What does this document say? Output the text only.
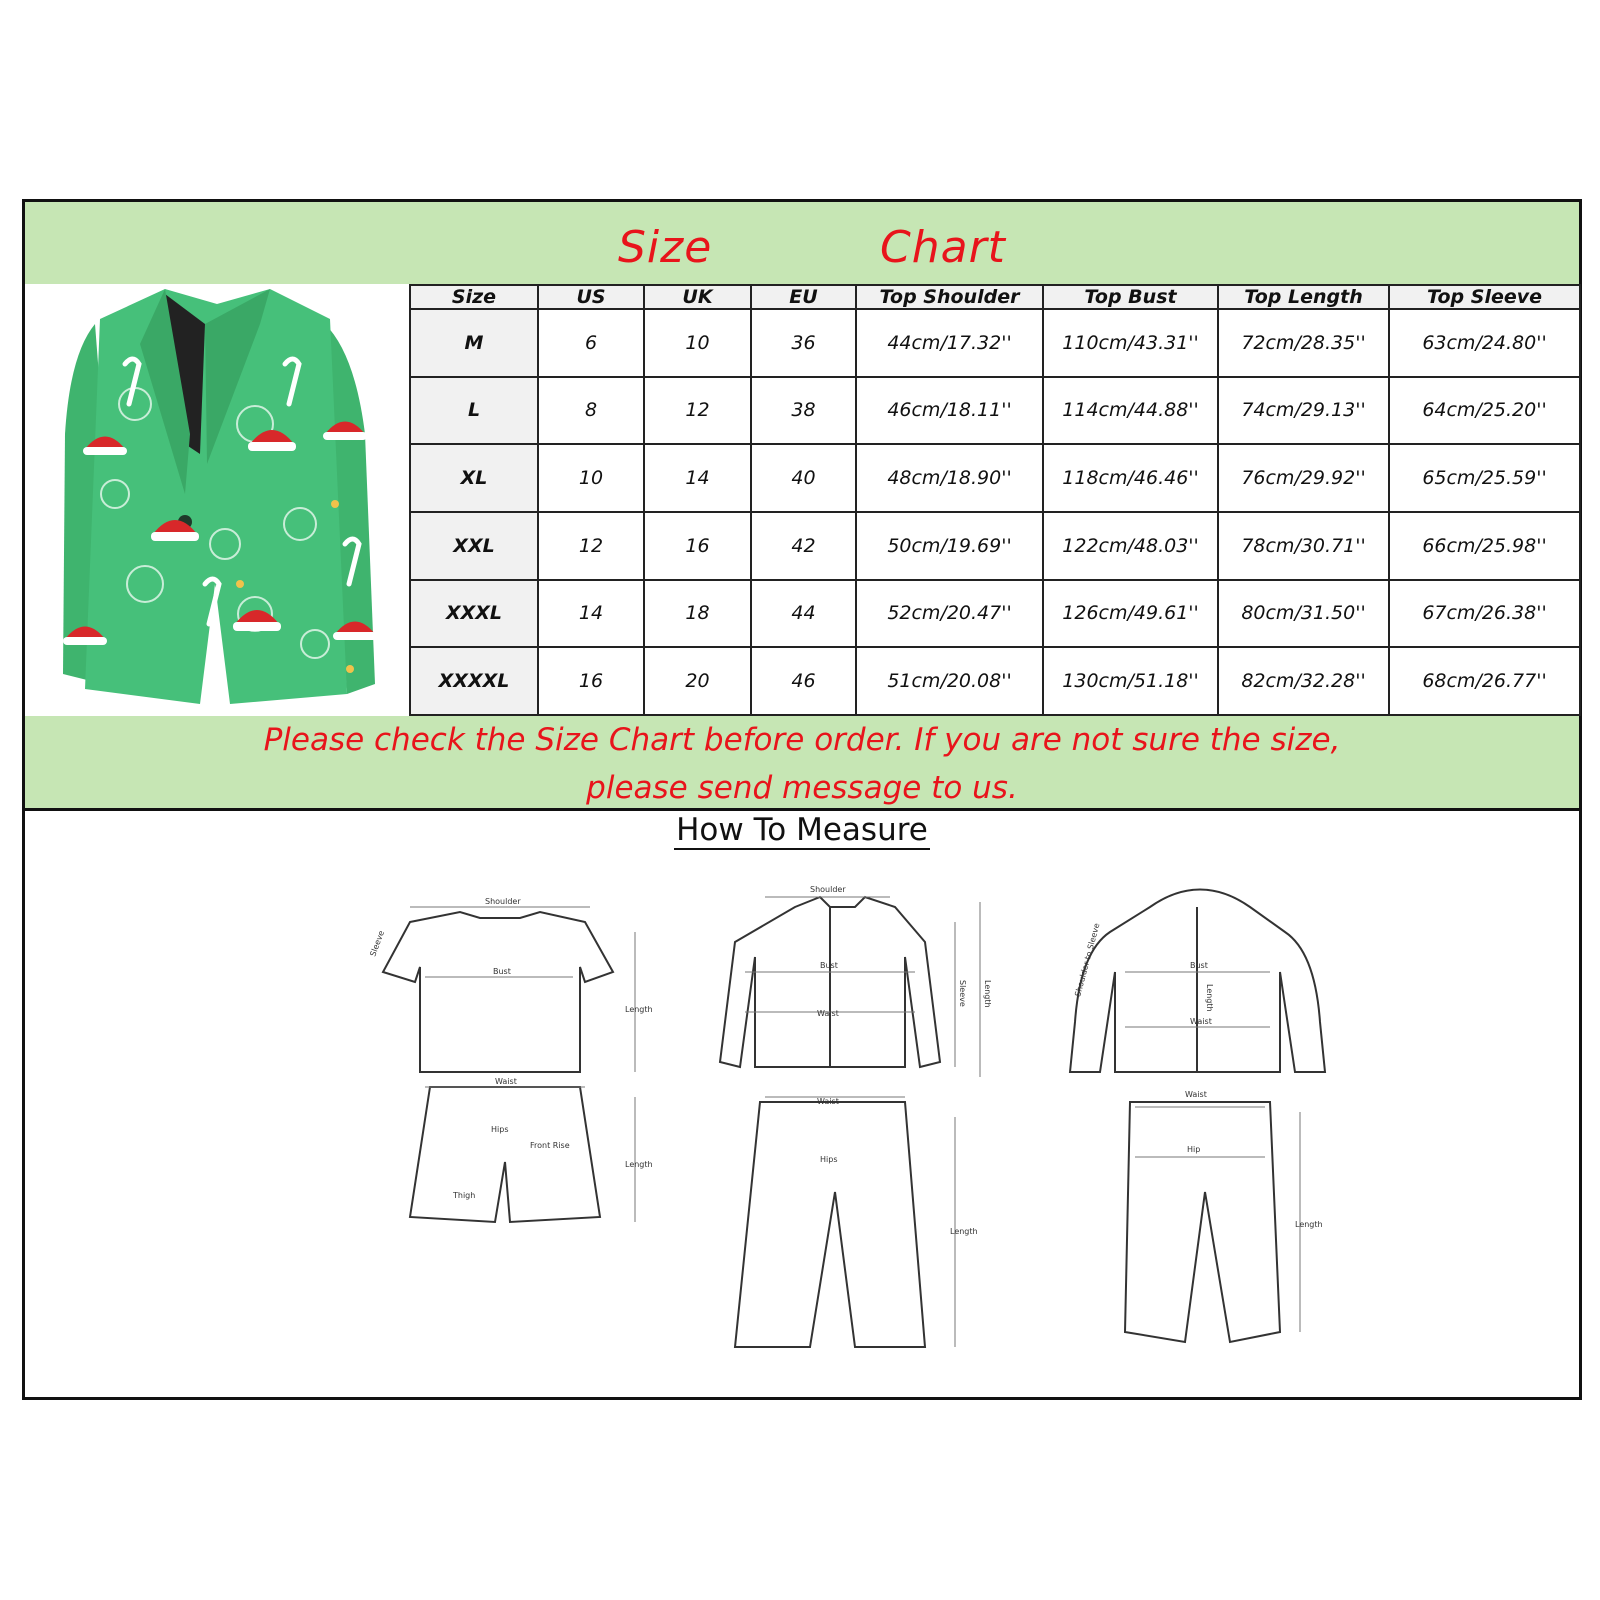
Size	Chart
Size	US	UK	EU	Top Shoulder	Top Bust	Top Length	Top Sleeve
M	6	10	36	44cm/17.32''	110cm/43.31''	72cm/28.35''	63cm/24.80''
L	8	12	38	46cm/18.11''	114cm/44.88''	74cm/29.13''	64cm/25.20''
XL	10	14	40	48cm/18.90''	118cm/46.46''	76cm/29.92''	65cm/25.59''
XXL	12	16	42	50cm/19.69''	122cm/48.03''	78cm/30.71''	66cm/25.98''
XXXL	14	18	44	52cm/20.47''	126cm/49.61''	80cm/31.50''	67cm/26.38''
XXXXL	16	20	46	51cm/20.08''	130cm/51.18''	82cm/32.28''	68cm/26.77''
Please check the Size Chart before order. If you are not sure the size,
please send message to us.
How To Measure
Shoulder
Sleeve
Bust
Length
Waist
Hips
Front Rise
Thigh
Length
Shoulder
Bust
Waist
Sleeve Length
Waist
Hips
Length
Shoulder to Sleeve	Bust
Length
Waist
Waist
Hip
Length
